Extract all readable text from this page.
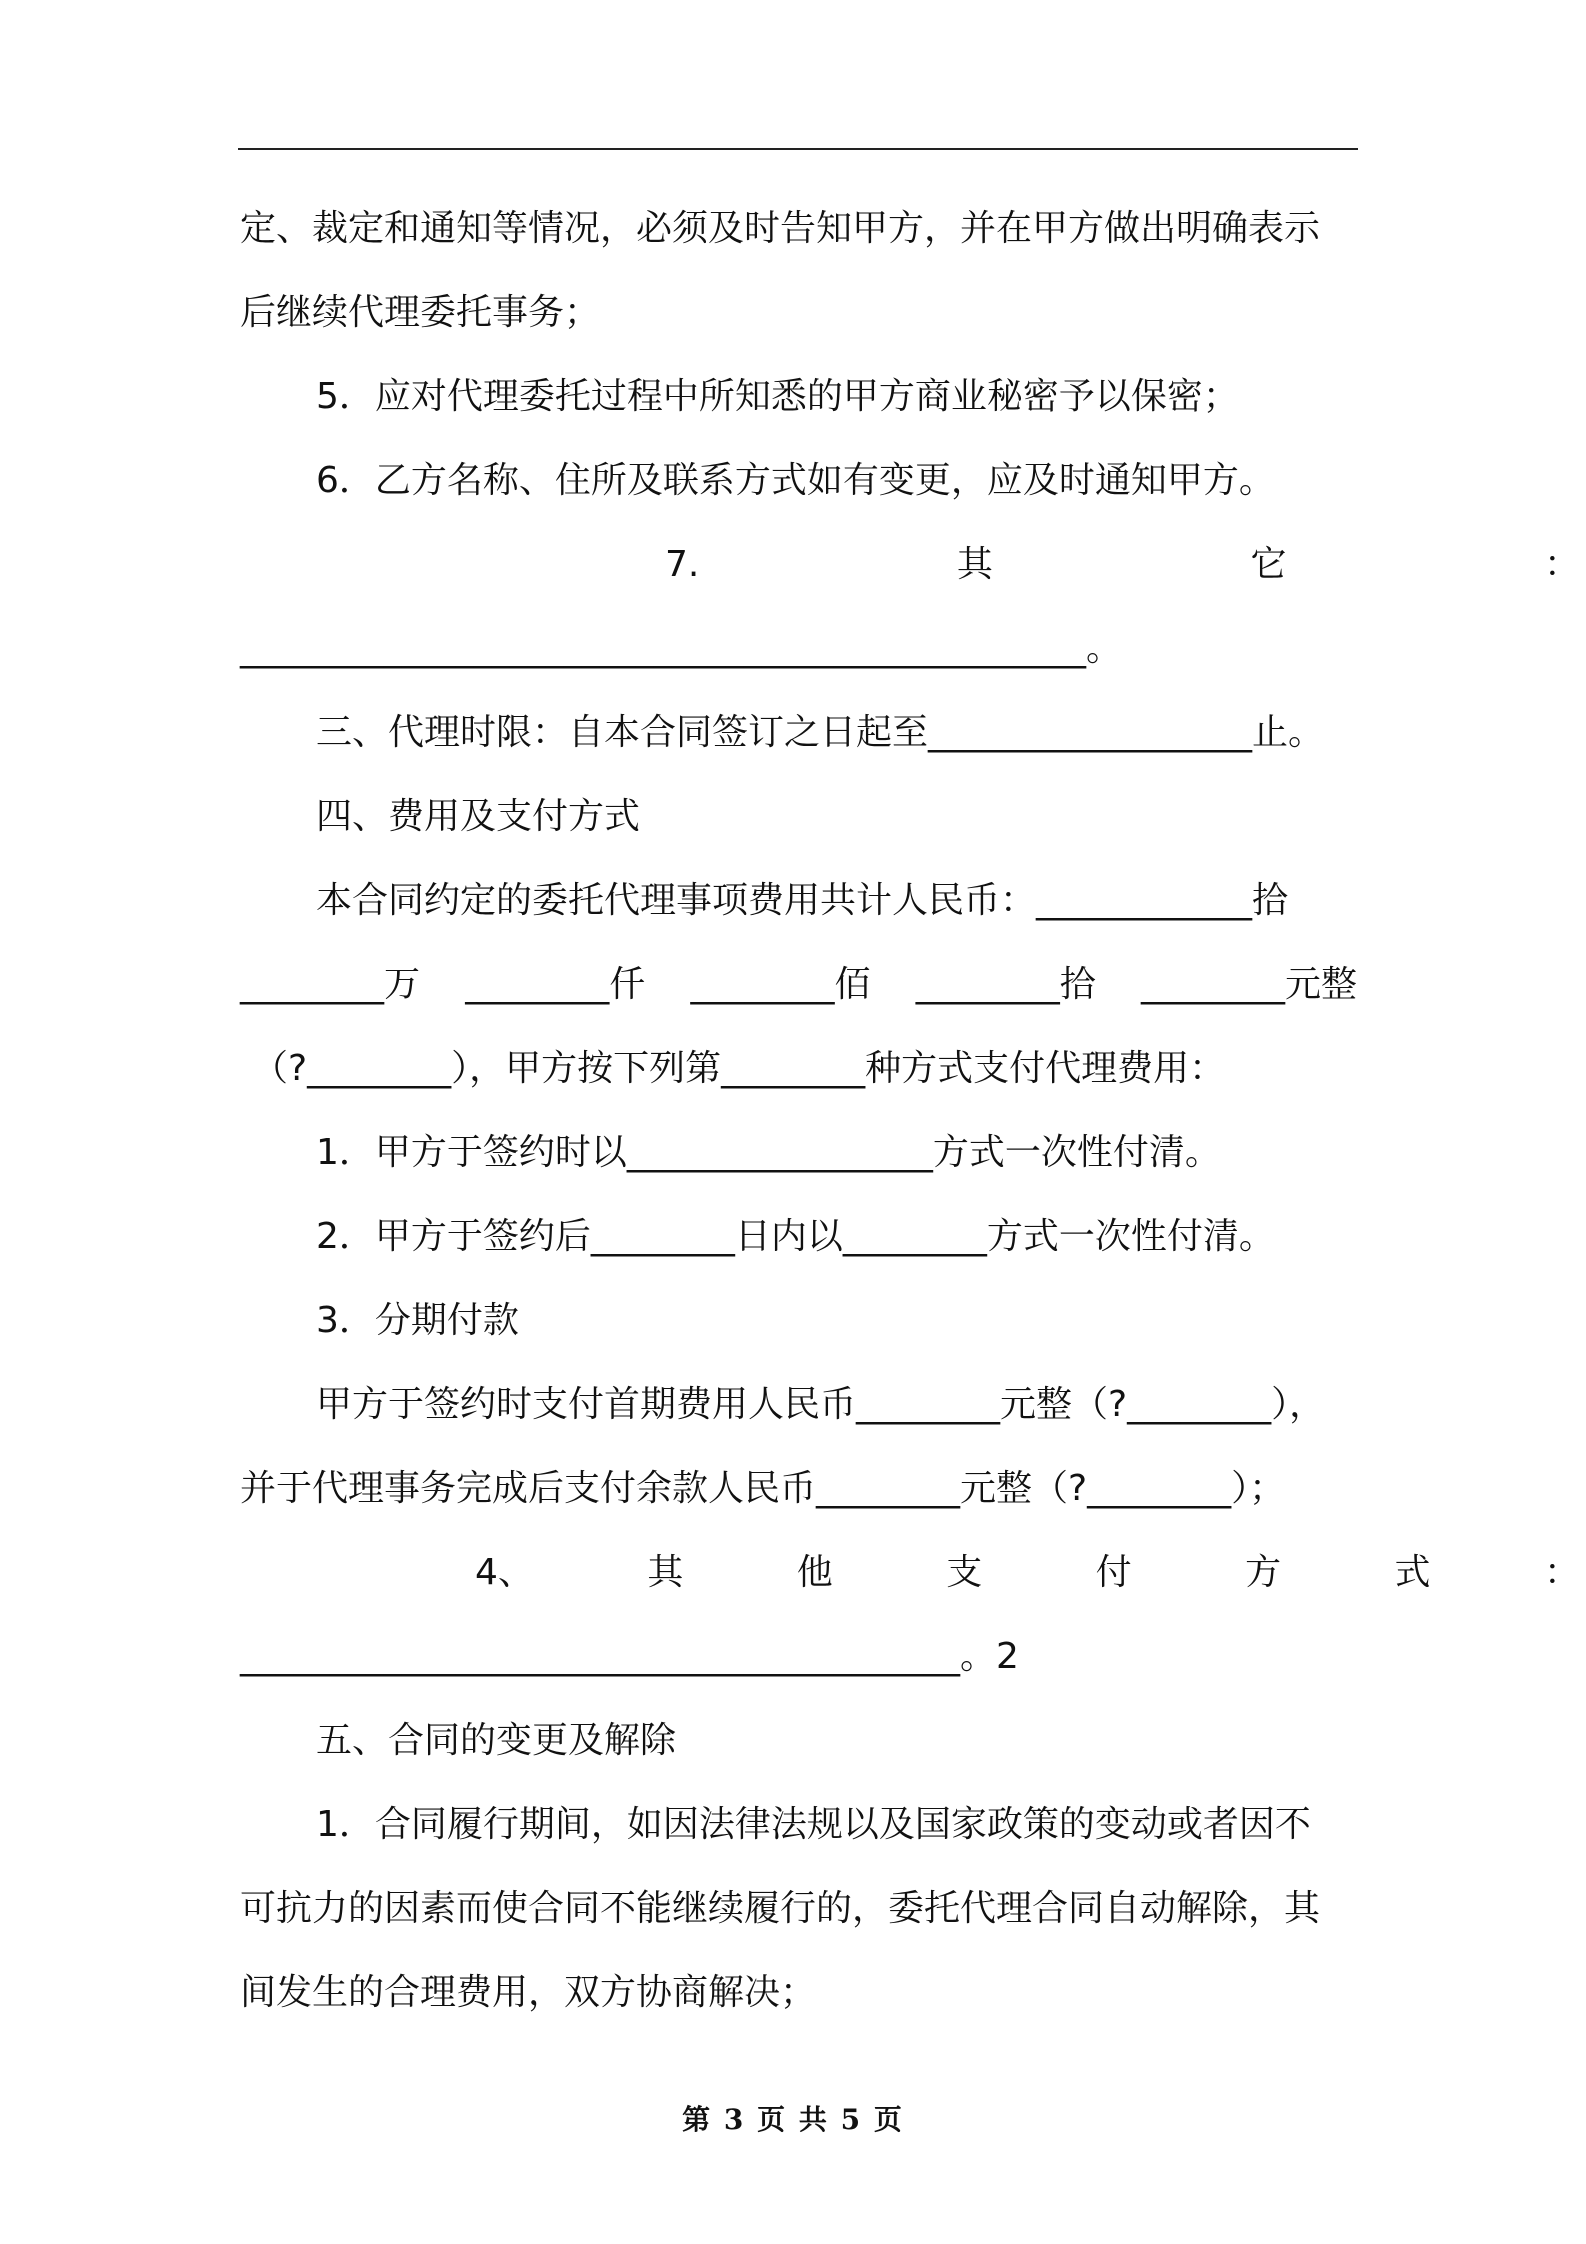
定、裁定和通知等情况，必须及时告知甲方，并在甲方做出明确表示
后继续代理委托事务；
5．应对代理委托过程中所知悉的甲方商业秘密予以保密；
6．乙方名称、住所及联系方式如有变更，应及时通知甲方。
7.	其	它	：
_______________________________________________。
三、代理时限：自本合同签订之日起至__________________止。
四、费用及支付方式
本合同约定的委托代理事项费用共计人民币：____________拾
________万 ________仟 ________佰 ________拾 ________元整
（?________），甲方按下列第________种方式支付代理费用：
1．甲方于签约时以_________________方式一次性付清。
2．甲方于签约后________日内以________方式一次性付清。
3．分期付款
甲方于签约时支付首期费用人民币________元整（?________），
并于代理事务完成后支付余款人民币________元整（?________）；
4、	其	他	支	付	方	式	：
________________________________________。2
五、合同的变更及解除
1．合同履行期间，如因法律法规以及国家政策的变动或者因不
可抗力的因素而使合同不能继续履行的，委托代理合同自动解除，其
间发生的合理费用，双方协商解决；
第 3 页 共 5 页
